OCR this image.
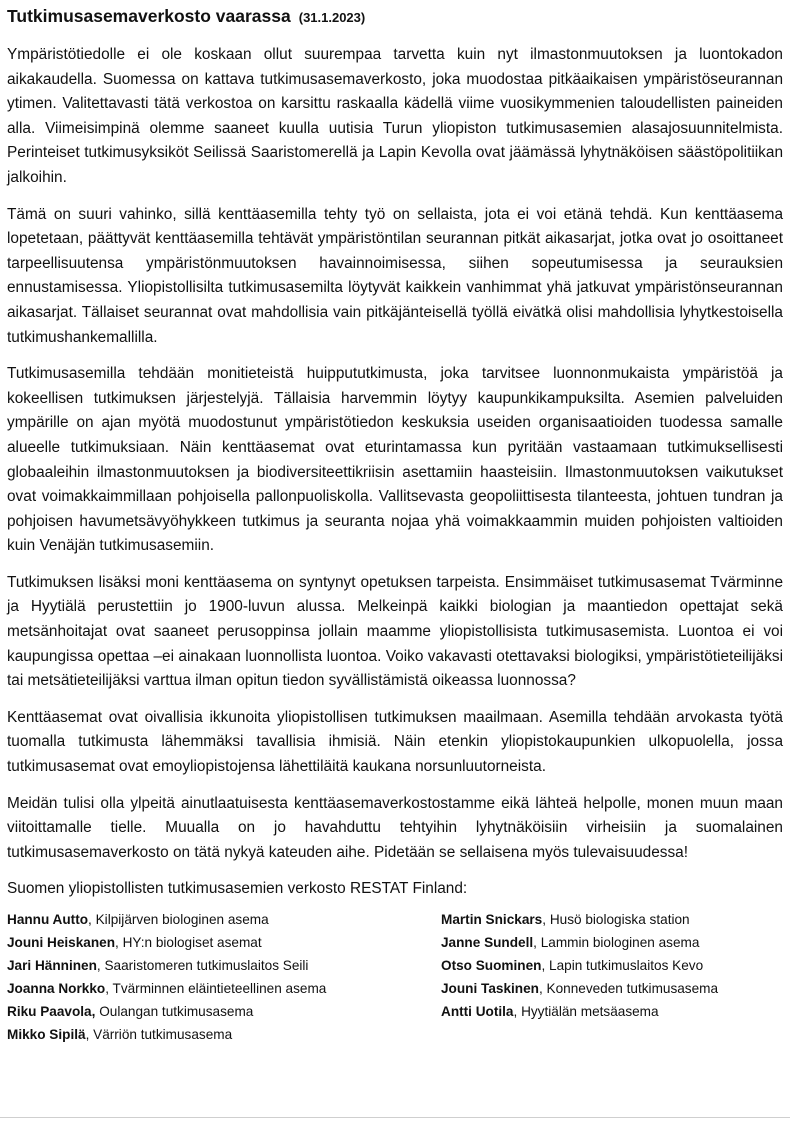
Tutkimusasemaverkosto vaarassa (31.1.2023)

Ympäristötiedolle ei ole koskaan ollut suurempaa tarvetta kuin nyt ilmastonmuutoksen ja luontokadon aikakaudella. Suomessa on kattava tutkimusasemaverkosto, joka muodostaa pitkäaikaisen ympäristöseurannan ytimen. Valitettavasti tätä verkostoa on karsittu raskaalla kädellä viime vuosikymmenien taloudellisten paineiden alla. Viimeisimpinä olemme saaneet kuulla uutisia Turun yliopiston tutkimusasemien alasajosuunnitelmista. Perinteiset tutkimusyksiköt Seilissä Saaristomerellä ja Lapin Kevolla ovat jäämässä lyhytnäköisen säästöpolitiikan jalkoihin.

Tämä on suuri vahinko, sillä kenttäasemilla tehty työ on sellaista, jota ei voi etänä tehdä. Kun kenttäasema lopetetaan, päättyvät kenttäasemilla tehtävät ympäristöntilan seurannan pitkät aikasarjat, jotka ovat jo osoittaneet tarpeellisuutensa ympäristönmuutoksen havainnoimisessa, siihen sopeutumisessa ja seurauksien ennustamisessa. Yliopistollisilta tutkimusasemilta löytyvät kaikkein vanhimmat yhä jatkuvat ympäristönseurannan aikasarjat. Tällaiset seurannat ovat mahdollisia vain pitkäjänteisellä työllä eivätkä olisi mahdollisia lyhytkestoisella tutkimushankemallilla.

Tutkimusasemilla tehdään monitieteistä huippututkimusta, joka tarvitsee luonnonmukaista ympäristöä ja kokeellisen tutkimuksen järjestelyjä. Tällaisia harvemmin löytyy kaupunkikampuksilta. Asemien palveluiden ympärille on ajan myötä muodostunut ympäristötiedon keskuksia useiden organisaatioiden tuodessa samalle alueelle tutkimuksiaan. Näin kenttäasemat ovat eturintamassa kun pyritään vastaamaan tutkimuksellisesti globaaleihin ilmastonmuutoksen ja biodiversiteettikriisin asettamiin haasteisiin. Ilmastonmuutoksen vaikutukset ovat voimakkaimmillaan pohjoisella pallonpuoliskolla. Vallitsevasta geopoliittisesta tilanteesta, johtuen tundran ja pohjoisen havumetsävyöhykkeen tutkimus ja seuranta nojaa yhä voimakkaammin muiden pohjoisten valtioiden kuin Venäjän tutkimusasemiin.

Tutkimuksen lisäksi moni kenttäasema on syntynyt opetuksen tarpeista. Ensimmäiset tutkimusasemat Tvärminne ja Hyytiälä perustettiin jo 1900-luvun alussa. Melkeinpä kaikki biologian ja maantiedon opettajat sekä metsänhoitajat ovat saaneet perusoppinsa jollain maamme yliopistollisista tutkimusasemista. Luontoa ei voi kaupungissa opettaa –ei ainakaan luonnollista luontoa. Voiko vakavasti otettavaksi biologiksi, ympäristötieteilijäksi tai metsätieteilijäksi varttua ilman opitun tiedon syvällistämistä oikeassa luonnossa?

Kenttäasemat ovat oivallisia ikkunoita yliopistollisen tutkimuksen maailmaan. Asemilla tehdään arvokasta työtä tuomalla tutkimusta lähemmäksi tavallisia ihmisiä. Näin etenkin yliopistokaupunkien ulkopuolella, jossa tutkimusasemat ovat emoyliopistojensa lähettiläitä kaukana norsunluutorneista.

Meidän tulisi olla ylpeitä ainutlaatuisesta kenttäasemaverkostostamme eikä lähteä helpolle, monen muun maan viitoittamalle tielle. Muualla on jo havahduttu tehtyihin lyhytnäköisiin virheisiin ja suomalainen tutkimusasemaverkosto on tätä nykyä kateuden aihe. Pidetään se sellaisena myös tulevaisuudessa!

Suomen yliopistollisten tutkimusasemien verkosto RESTAT Finland:

Hannu Autto, Kilpijärven biologinen asema
Jouni Heiskanen, HY:n biologiset asemat
Jari Hänninen, Saaristomeren tutkimuslaitos Seili
Joanna Norkko, Tvärminnen eläintieteellinen asema
Riku Paavola, Oulangan tutkimusasema
Mikko Sipilä, Värriön tutkimusasema
Martin Snickars, Husö biologiska station
Janne Sundell, Lammin biologinen asema
Otso Suominen, Lapin tutkimuslaitos Kevo
Jouni Taskinen, Konneveden tutkimusasema
Antti Uotila, Hyytiälän metsäasema
